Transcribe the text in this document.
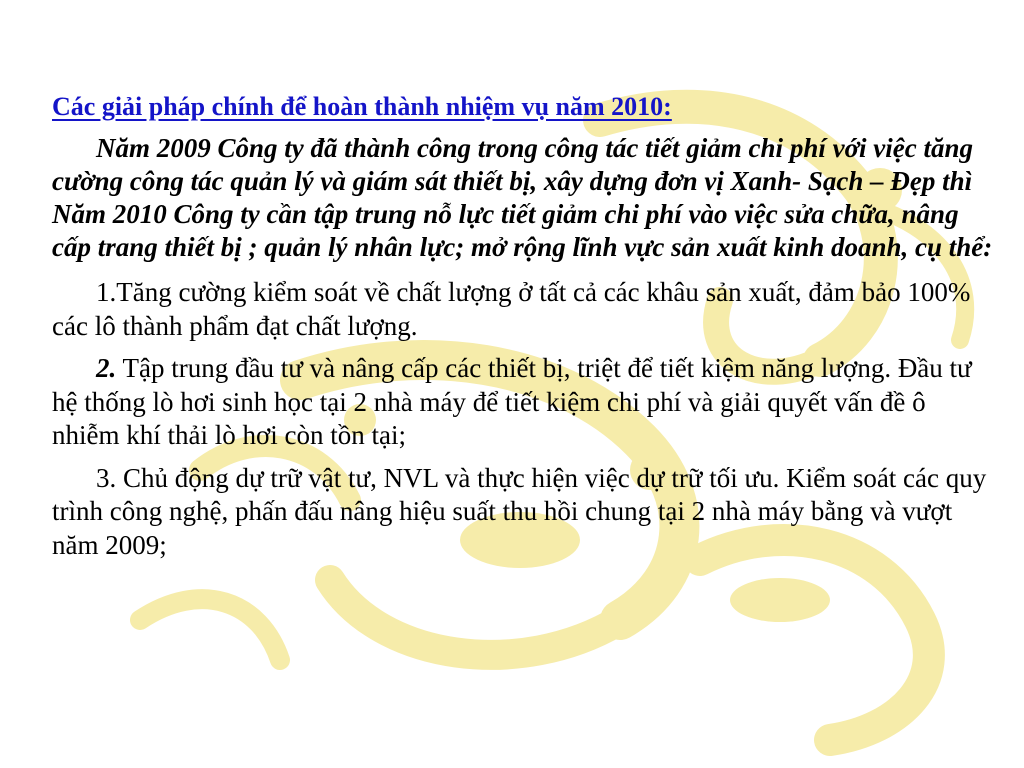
Các giải pháp chính để hoàn thành nhiệm vụ năm 2010:

Năm 2009 Công ty đã thành công trong công tác tiết giảm chi phí với việc tăng cường công tác quản lý và giám sát thiết bị, xây dựng đơn vị Xanh- Sạch – Đẹp thì Năm 2010 Công ty cần tập trung nỗ lực tiết giảm chi phí vào việc sửa chữa, nâng cấp trang thiết bị ; quản lý nhân lực; mở rộng lĩnh vực sản xuất kinh doanh, cụ thể:

1.Tăng cường kiểm soát về chất lượng ở tất cả các khâu sản xuất, đảm bảo 100% các lô thành phẩm đạt chất lượng.

2. Tập trung đầu tư và nâng cấp các thiết bị, triệt để tiết kiệm năng lượng. Đầu tư hệ thống lò hơi sinh học tại 2 nhà máy để tiết kiệm chi phí và giải quyết vấn đề ô nhiễm khí thải lò hơi còn tồn tại;

3. Chủ động dự trữ vật tư, NVL và thực hiện việc dự trữ tối ưu. Kiểm soát các quy trình công nghệ, phấn đấu nâng hiệu suất thu hồi chung tại 2 nhà máy bằng và vượt năm 2009;
